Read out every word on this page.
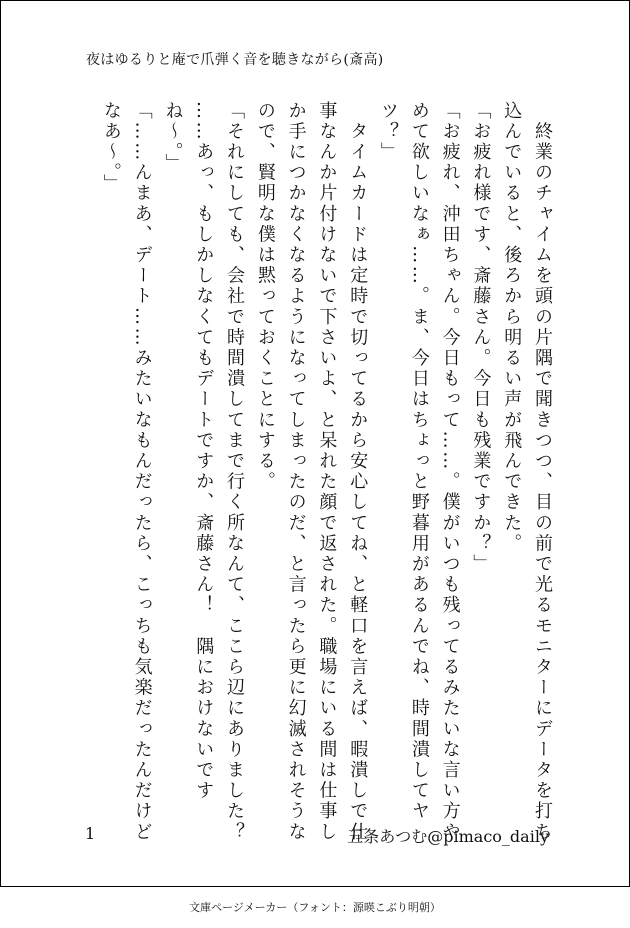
夜はゆるりと庵で爪弾く音を聴きながら(斎高)
　終業のチャイムを頭の片隅で聞きつつ、目の前で光るモニターにデータを打ち
込んでいると、後ろから明るい声が飛んできた。
「お疲れ様です、斎藤さん。今日も残業ですか？」
「お疲れ、沖田ちゃん。今日もって……。僕がいつも残ってるみたいな言い方や
めて欲しいなぁ……。ま、今日はちょっと野暮用があるんでね、時間潰してヤ
ツ？」
　タイムカードは定時で切ってるから安心してね、と軽口を言えば、暇潰しで仕
事なんか片付けないで下さいよ、と呆れた顔で返された。職場にいる間は仕事し
か手につかなくなるようになってしまったのだ、と言ったら更に幻滅されそうな
ので、賢明な僕は黙っておくことにする。
「それにしても、会社で時間潰してまで行く所なんて、ここら辺にありました？
……あっ、もしかしなくてもデートですか、斎藤さん！　隅におけないです
ね〜。」
「……んまあ、デート……みたいなもんだったら、こっちも気楽だったんだけど
なあ〜。」
1	五条あつむ@pimaco_daily
文庫ページメーカー（フォント：源暎こぶり明朝）
